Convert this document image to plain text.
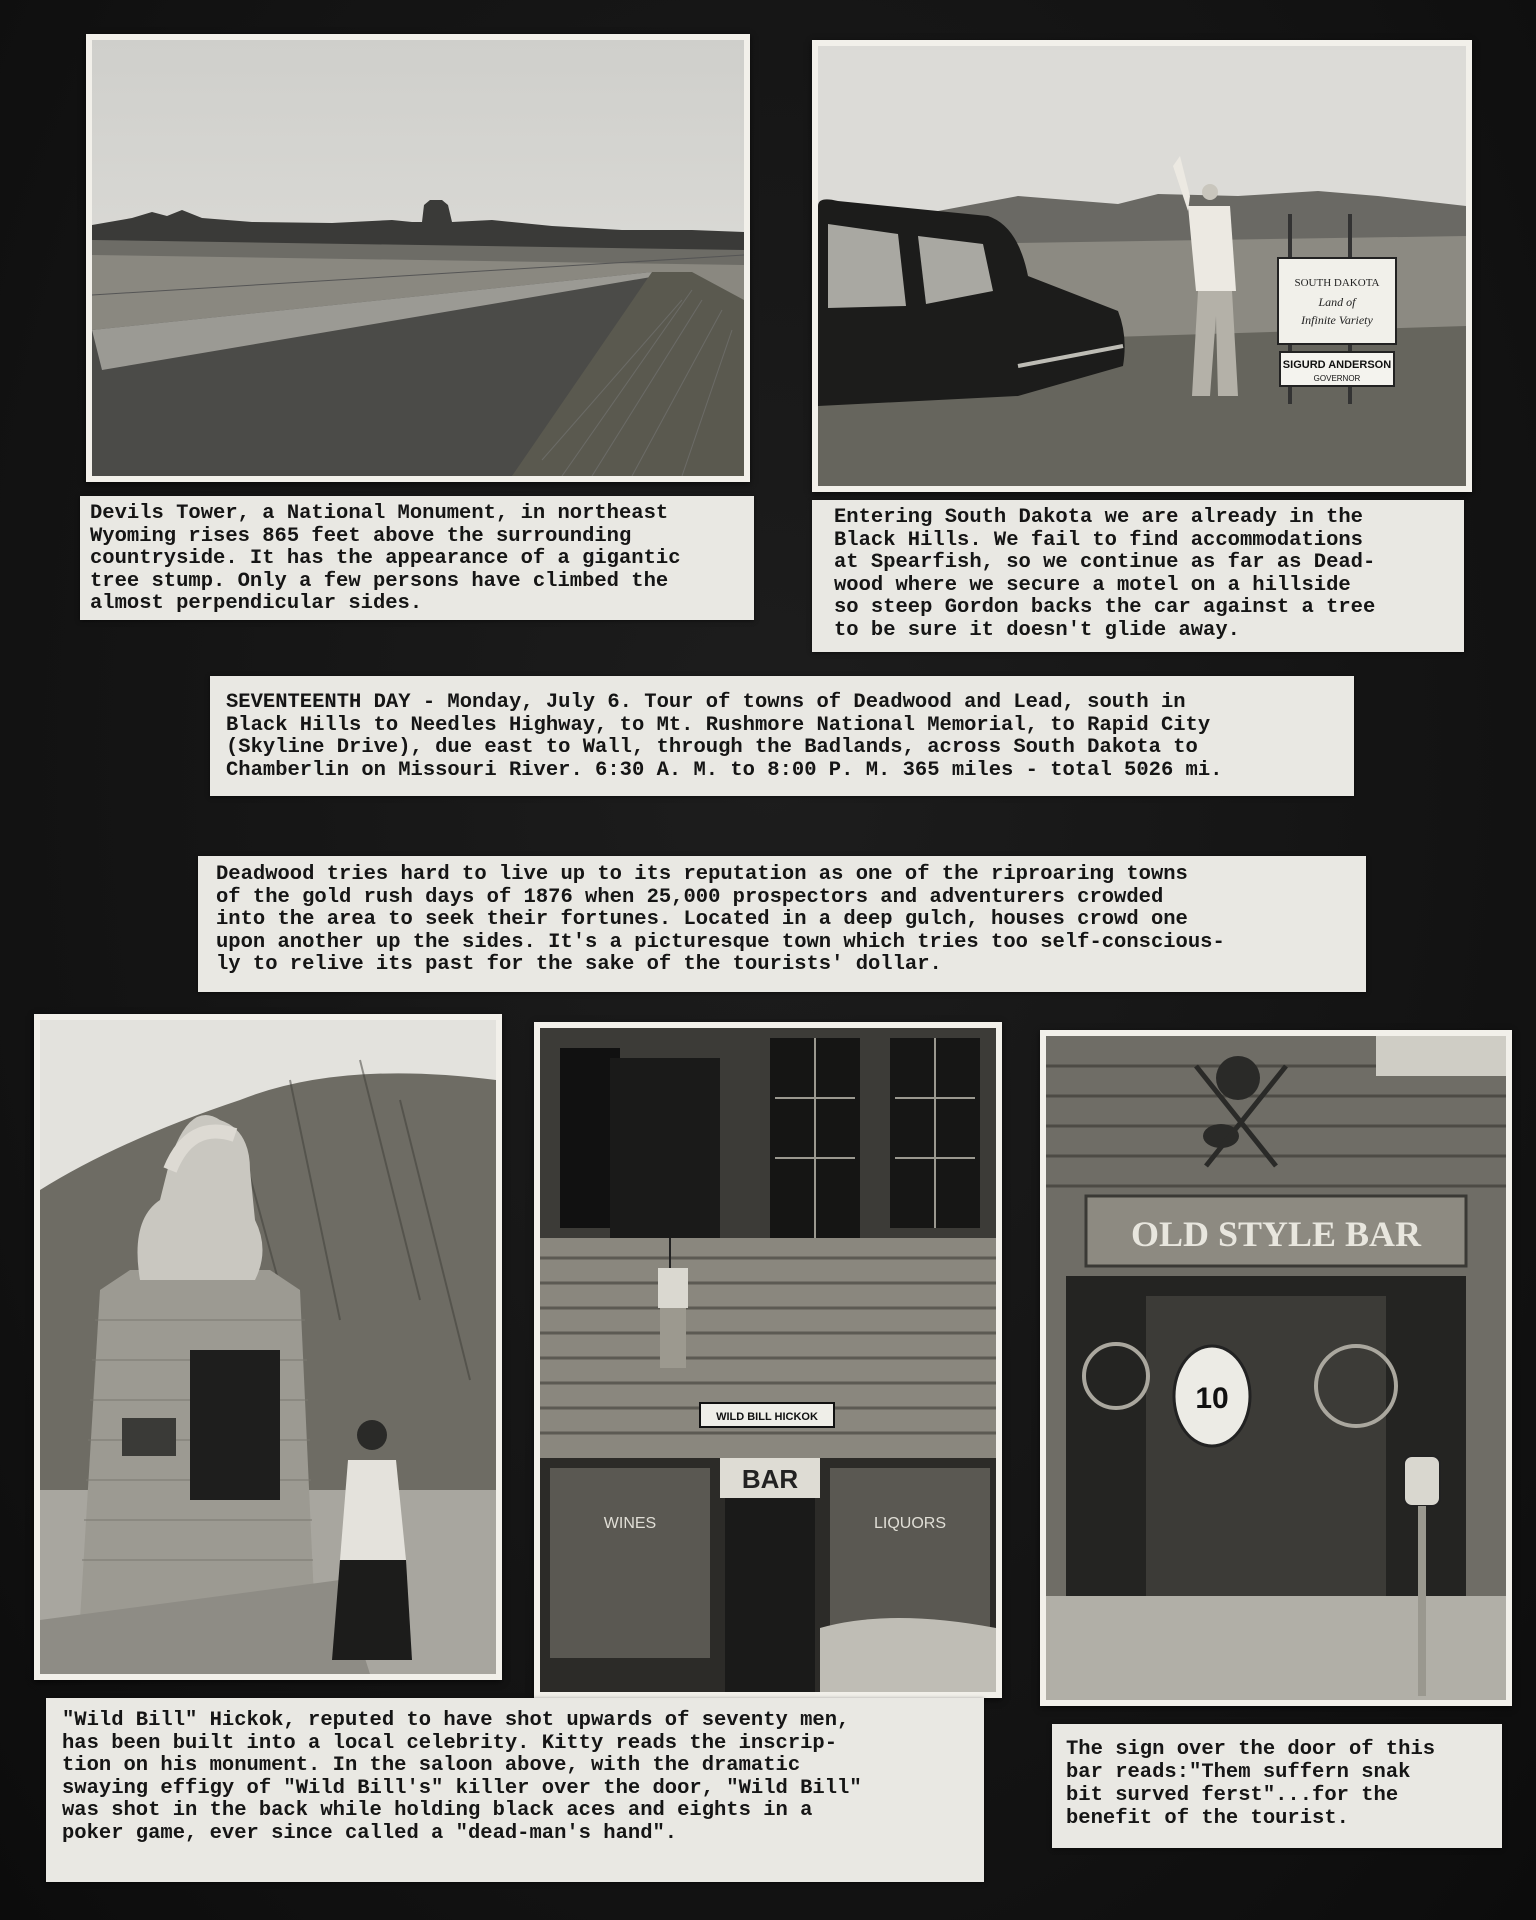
Devils Tower, a National Monument, in northeast
Wyoming rises 865 feet above the surrounding
countryside. It has the appearance of a gigantic
tree stump. Only a few persons have climbed the
almost perpendicular sides.
SOUTH DAKOTA
Land of
Infinite Variety
SIGURD ANDERSON
GOVERNOR
Entering South Dakota we are already in the
Black Hills. We fail to find accommodations
at Spearfish, so we continue as far as Dead-
wood where we secure a motel on a hillside
so steep Gordon backs the car against a tree
to be sure it doesn't glide away.
SEVENTEENTH DAY - Monday, July 6. Tour of towns of Deadwood and Lead, south in
Black Hills to Needles Highway, to Mt. Rushmore National Memorial, to Rapid City
(Skyline Drive), due east to Wall, through the Badlands, across South Dakota to
Chamberlin on Missouri River. 6:30 A. M. to 8:00 P. M. 365 miles - total 5026 mi.
Deadwood tries hard to live up to its reputation as one of the riproaring towns
of the gold rush days of 1876 when 25,000 prospectors and adventurers crowded
into the area to seek their fortunes. Located in a deep gulch, houses crowd one
upon another up the sides. It's a picturesque town which tries too self-conscious-
ly to relive its past for the sake of the tourists' dollar.
WILD BILL HICKOK
BAR
WINES	LIQUORS
OLD STYLE BAR
10
"Wild Bill" Hickok, reputed to have shot upwards of seventy men,
has been built into a local celebrity. Kitty reads the inscrip-
tion on his monument. In the saloon above, with the dramatic
swaying effigy of "Wild Bill's" killer over the door, "Wild Bill"
was shot in the back while holding black aces and eights in a
poker game, ever since called a "dead-man's hand".
The sign over the door of this
bar reads:"Them suffern snak
bit surved ferst"...for the
benefit of the tourist.
